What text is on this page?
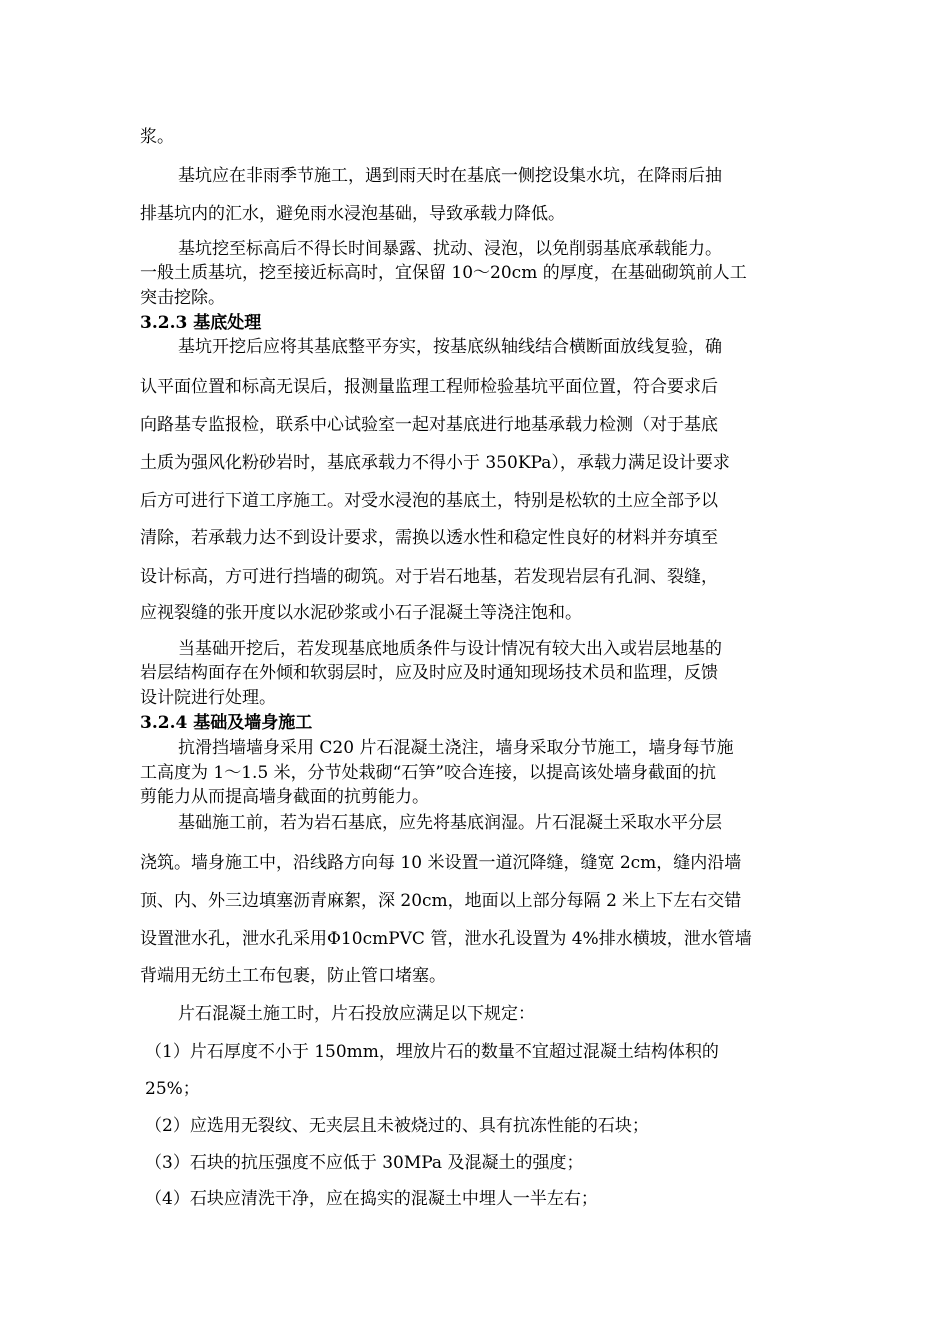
浆。
基坑应在非雨季节施工，遇到雨天时在基底一侧挖设集水坑，在降雨后抽
排基坑内的汇水，避免雨水浸泡基础，导致承载力降低。
基坑挖至标高后不得长时间暴露、扰动、浸泡，以免削弱基底承载能力。
一般土质基坑，挖至接近标高时，宜保留 10～20cm 的厚度，在基础砌筑前人工
突击挖除。
3.2.3 基底处理
基坑开挖后应将其基底整平夯实，按基底纵轴线结合横断面放线复验，确
认平面位置和标高无误后，报测量监理工程师检验基坑平面位置，符合要求后
向路基专监报检，联系中心试验室一起对基底进行地基承载力检测（对于基底
土质为强风化粉砂岩时，基底承载力不得小于 350KPa），承载力满足设计要求
后方可进行下道工序施工。对受水浸泡的基底土，特别是松软的土应全部予以
清除，若承载力达不到设计要求，需换以透水性和稳定性良好的材料并夯填至
设计标高，方可进行挡墙的砌筑。对于岩石地基，若发现岩层有孔洞、裂缝，
应视裂缝的张开度以水泥砂浆或小石子混凝土等浇注饱和。
当基础开挖后，若发现基底地质条件与设计情况有较大出入或岩层地基的
岩层结构面存在外倾和软弱层时，应及时应及时通知现场技术员和监理，反馈
设计院进行处理。
3.2.4 基础及墙身施工
抗滑挡墙墙身采用 C20 片石混凝土浇注，墙身采取分节施工，墙身每节施
工高度为 1～1.5 米，分节处栽砌“石笋”咬合连接，以提高该处墙身截面的抗
剪能力从而提高墙身截面的抗剪能力。
基础施工前，若为岩石基底，应先将基底润湿。片石混凝土采取水平分层
浇筑。墙身施工中，沿线路方向每 10 米设置一道沉降缝，缝宽 2cm，缝内沿墙
顶、内、外三边填塞沥青麻絮，深 20cm，地面以上部分每隔 2 米上下左右交错
设置泄水孔，泄水孔采用Φ10cmPVC 管，泄水孔设置为 4%排水横坡，泄水管墙
背端用无纺土工布包裹，防止管口堵塞。
片石混凝土施工时，片石投放应满足以下规定：
（1）片石厚度不小于 150mm，埋放片石的数量不宜超过混凝土结构体积的
25%；
（2）应选用无裂纹、无夹层且未被烧过的、具有抗冻性能的石块；
（3）石块的抗压强度不应低于 30MPa 及混凝土的强度；
（4）石块应清洗干净，应在捣实的混凝土中埋人一半左右；
